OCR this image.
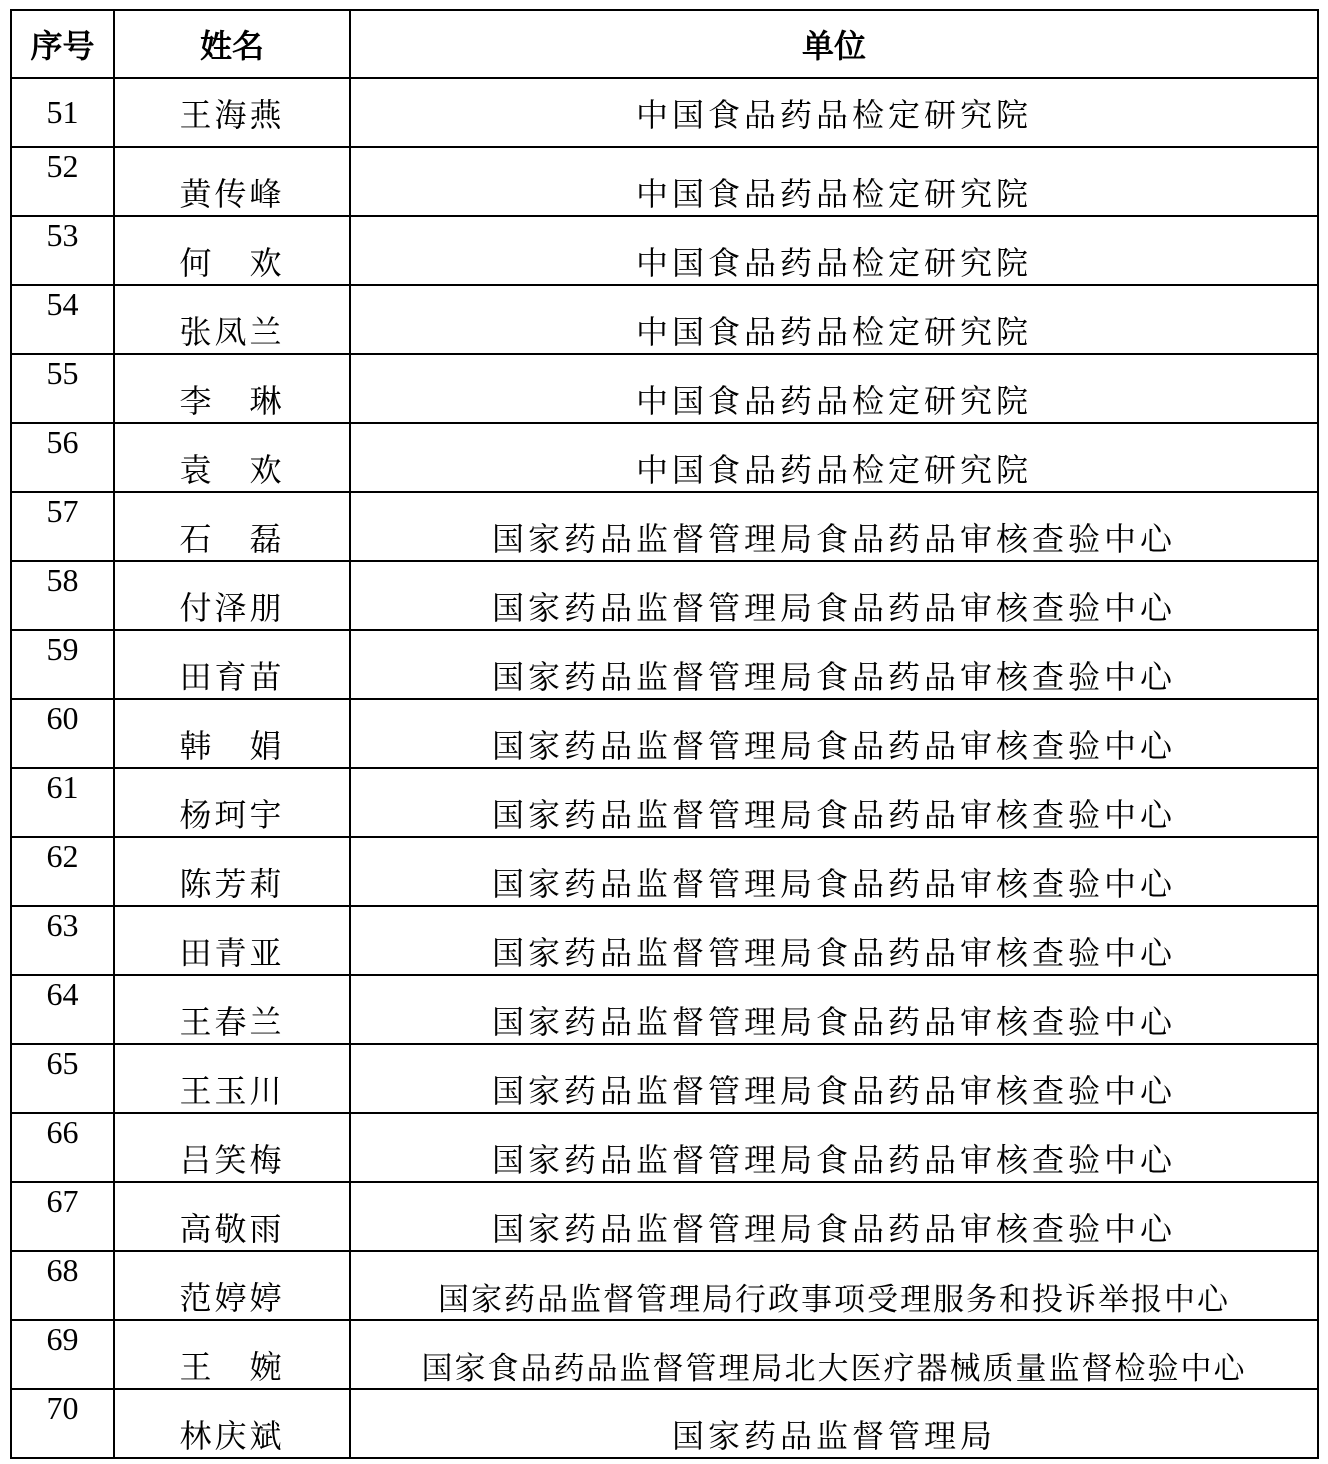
序号	姓名	单位
51	王海燕	中国食品药品检定研究院
52	黄传峰	中国食品药品检定研究院
53	何　欢	中国食品药品检定研究院
54	张凤兰	中国食品药品检定研究院
55	李　琳	中国食品药品检定研究院
56	袁　欢	中国食品药品检定研究院
57	石　磊	国家药品监督管理局食品药品审核查验中心
58	付泽朋	国家药品监督管理局食品药品审核查验中心
59	田育苗	国家药品监督管理局食品药品审核查验中心
60	韩　娟	国家药品监督管理局食品药品审核查验中心
61	杨珂宇	国家药品监督管理局食品药品审核查验中心
62	陈芳莉	国家药品监督管理局食品药品审核查验中心
63	田青亚	国家药品监督管理局食品药品审核查验中心
64	王春兰	国家药品监督管理局食品药品审核查验中心
65	王玉川	国家药品监督管理局食品药品审核查验中心
66	吕笑梅	国家药品监督管理局食品药品审核查验中心
67	高敬雨	国家药品监督管理局食品药品审核查验中心
68	范婷婷	国家药品监督管理局行政事项受理服务和投诉举报中心
69	王　婉	国家食品药品监督管理局北大医疗器械质量监督检验中心
70	林庆斌	国家药品监督管理局
